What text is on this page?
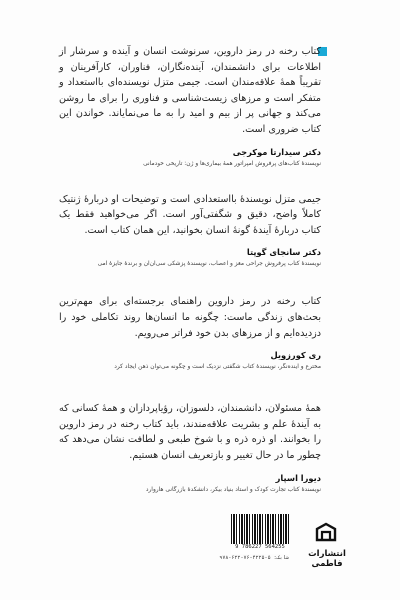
کتاب رخنه در رمز داروین، سرنوشت انسان و آینده و سرشار از اطلاعات برای دانشمندان، آینده‌نگاران، فناوران، کارآفرینان و تقریباً همهٔ علاقه‌مندان است. جیمی متزل نویسنده‌ای بااستعداد و متفکر است و مرزهای زیست‌شناسی و فناوری را برای ما روشن می‌کند و جهانی پر از بیم و امید را به ما می‌نمایاند. خواندن این کتاب ضروری است.

دکتر سیدارتا موکرجی

نویسندهٔ کتاب‌های پرفروش امپراتور همهٔ بیماری‌ها و ژن: تاریخی خودمانی

جیمی متزل نویسندهٔ بااستعدادی است و توضیحات او دربارهٔ ژنتیک کاملاً واضح، دقیق و شگفتی‌آور است. اگر می‌خواهید فقط یک کتاب دربارهٔ آیندهٔ گونهٔ انسان بخوانید، این همان کتاب است.

دکتر سانجای گوپتا

نویسندهٔ کتاب پرفروش جراحی مغز و اعصاب، نویسندهٔ پزشکی سی‌ان‌ان و برندهٔ جایزهٔ امی

کتاب رخنه در رمز داروین راهنمای برجسته‌ای برای مهم‌ترین بحث‌های زندگی ماست: چگونه ما انسان‌ها روند تکاملی خود را دزدیده‌ایم و از مرزهای بدن خود فراتر می‌رویم.

ری کورزویل

مخترع و آینده‌نگر، نویسندهٔ کتاب شگفتی نزدیک است و چگونه می‌توان ذهن ایجاد کرد

همهٔ مسئولان، دانشمندان، دلسوزان، رؤیاپردازان و همهٔ کسانی که به آیندهٔ علم و بشریت علاقه‌مندند، باید کتاب رخنه در رمز داروین را بخوانند. او ذره ذره و با شوخ طبعی و لطافت نشان می‌دهد که چطور ما در حال تغییر و بازتعریف انسان هستیم.

دیورا اسپار

نویسندهٔ کتاب تجارت کودک و استاد بنیاد بیکر، دانشکدهٔ بازرگانی هاروارد

9 786227 564255
شابک: ۵-۴۲۲۵-۷۶-۶۲۲-۹۷۸	انتشارات فاطمی
